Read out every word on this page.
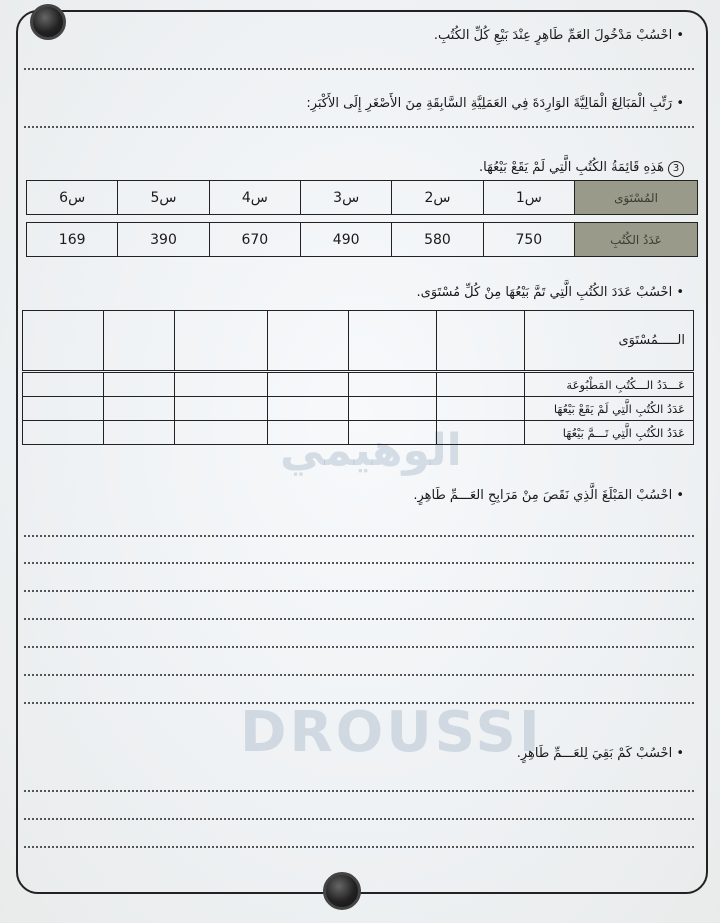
الوهيمي
DROUSSI
• احْسُبْ مَدْخُولَ العَمِّ طَاهِرٍ عِنْدَ بَيْعِ كُلِّ الكُتُبِ.
• رَتِّبِ الْمَبَالِغَ الْمَالِيَّةَ الوَارِدَةَ فِي العَمَلِيَّةِ السَّابِقَةِ مِنَ الأَصْغَرِ إِلَى الأَكْبَرِ:
3هَذِهِ قَائِمَةُ الكُتُبِ الَّتِي لَمْ يَقَعْ بَيْعُهَا.
س6	س5	س4	س3	س2	س1	المُسْتَوَى

169	390	670	490	580	750	عَدَدُ الكُتُبِ
• احْسُبْ عَدَدَ الكُتُبِ الَّتِي تَمَّ بَيْعُهَا مِنْ كُلِّ مُسْتَوَى.
						الـــــمُسْتَوَى
						عَـــدَدُ الـــكُتُبِ المَطْبُوعَة
						عَدَدُ الكُتُبِ الَّتِي لَمْ يَقَعْ بَيْعُهَا
						عَدَدُ الكُتُبِ الَّتِي تَـــمَّ بَيْعُهَا
• احْسُبْ المَبْلَغَ الَّذِي نَقَصَ مِنْ مَرَابِحِ العَـــمِّ طَاهِرٍ.
• احْسُبْ كَمْ بَقِيَ لِلعَـــمِّ طَاهِرٍ.
